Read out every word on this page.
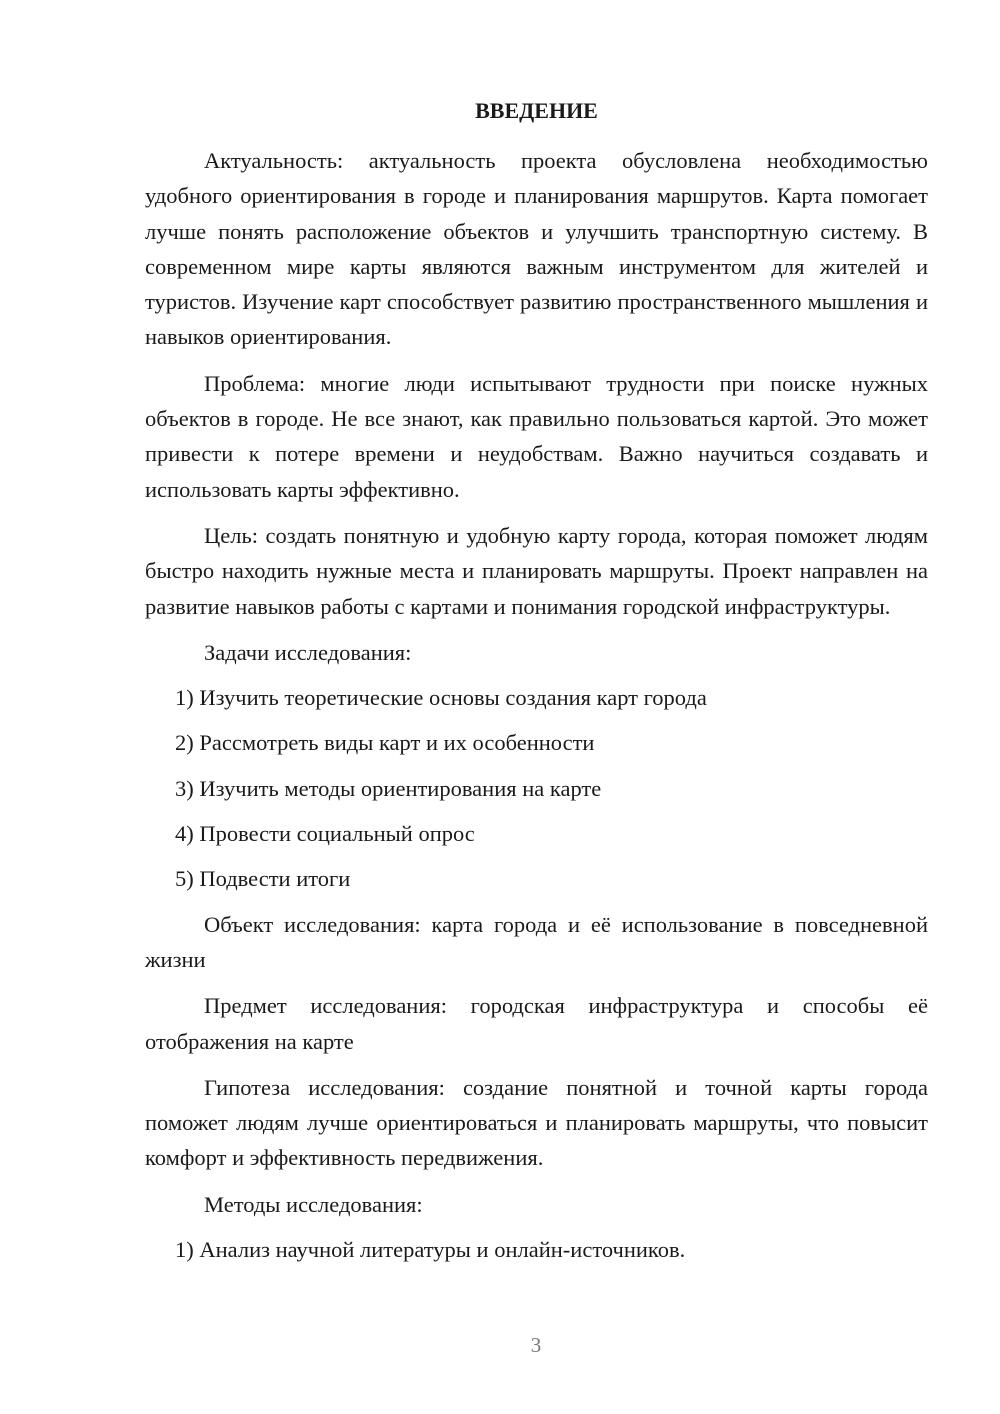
ВВЕДЕНИЕ

Актуальность: актуальность проекта обусловлена необходимостью удобного ориентирования в городе и планирования маршрутов. Карта помогает лучше понять расположение объектов и улучшить транспортную систему. В современном мире карты являются важным инструментом для жителей и туристов. Изучение карт способствует развитию пространственного мышления и навыков ориентирования.

Проблема: многие люди испытывают трудности при поиске нужных объектов в городе. Не все знают, как правильно пользоваться картой. Это может привести к потере времени и неудобствам. Важно научиться создавать и использовать карты эффективно.

Цель: создать понятную и удобную карту города, которая поможет людям быстро находить нужные места и планировать маршруты. Проект направлен на развитие навыков работы с картами и понимания городской инфраструктуры.

Задачи исследования:

1) Изучить теоретические основы создания карт города

2) Рассмотреть виды карт и их особенности

3) Изучить методы ориентирования на карте

4) Провести социальный опрос

5) Подвести итоги

Объект исследования: карта города и её использование в повседневной жизни

Предмет исследования: городская инфраструктура и способы её отображения на карте

Гипотеза исследования: создание понятной и точной карты города поможет людям лучше ориентироваться и планировать маршруты, что повысит комфорт и эффективность передвижения.

Методы исследования:

1) Анализ научной литературы и онлайн-источников.

3
